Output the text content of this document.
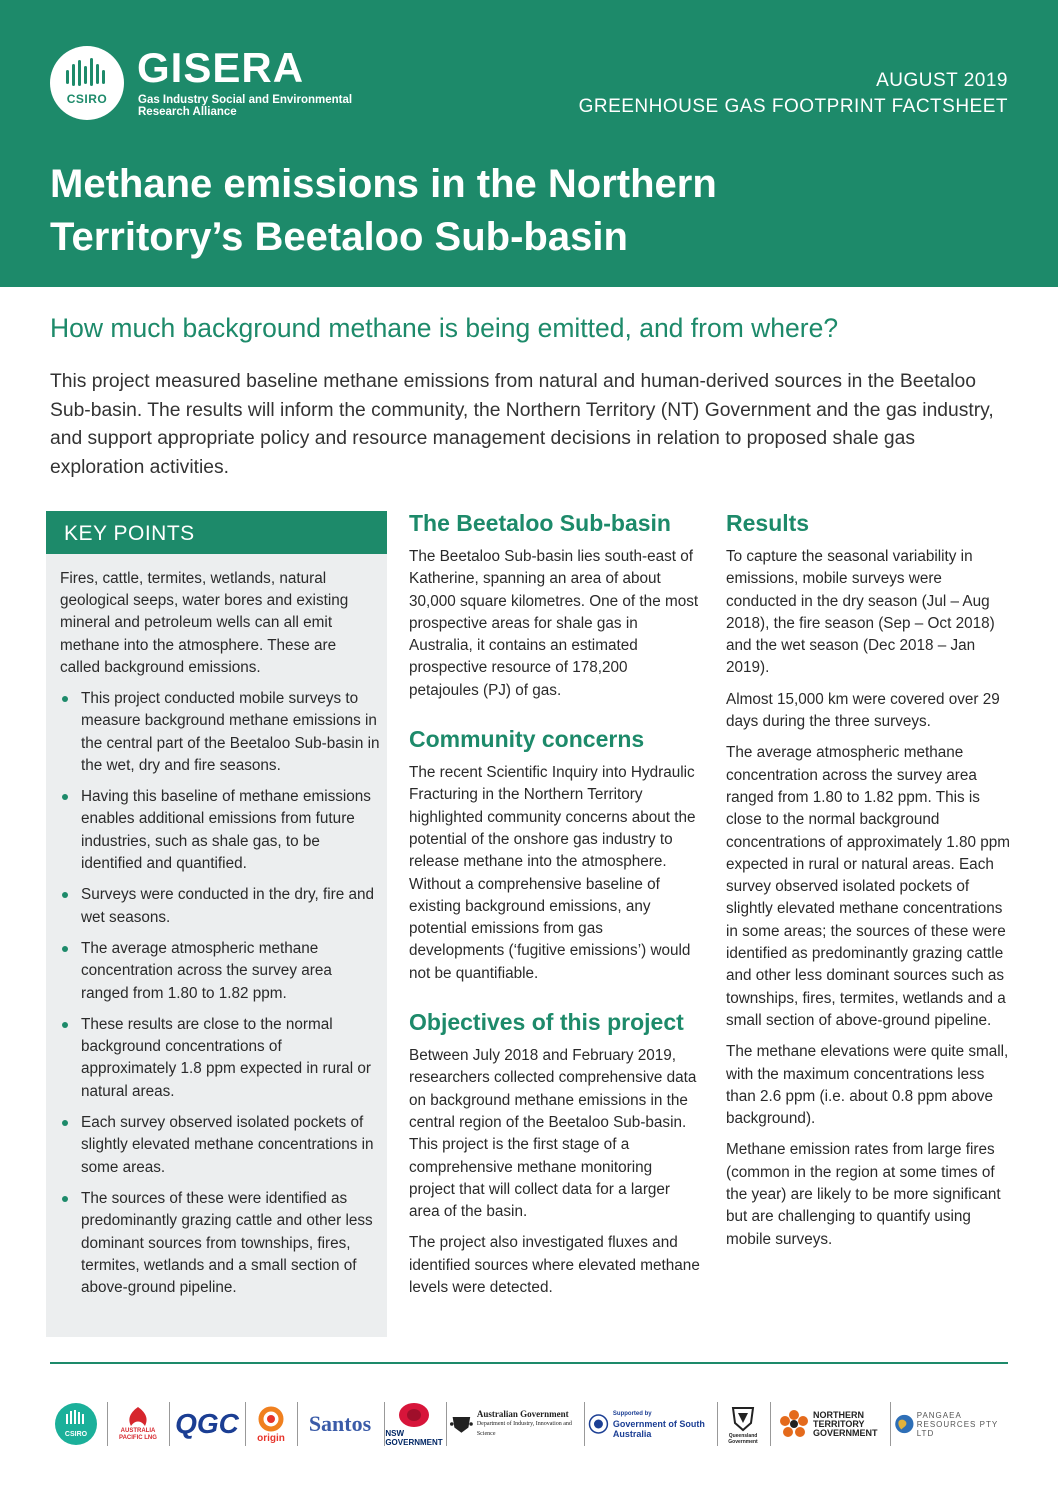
CSIRO
GISERA
Gas Industry Social and Environmental Research Alliance
AUGUST 2019
GREENHOUSE GAS FOOTPRINT FACTSHEET
Methane emissions in the Northern Territory’s Beetaloo Sub-basin
How much background methane is being emitted, and from where?
This project measured baseline methane emissions from natural and human-derived sources in the Beetaloo Sub-basin. The results will inform the community, the Northern Territory (NT) Government and the gas industry, and support appropriate policy and resource management decisions in relation to proposed shale gas exploration activities.
KEY POINTS
Fires, cattle, termites, wetlands, natural geological seeps, water bores and existing mineral and petroleum wells can all emit methane into the atmosphere. These are called background emissions.
This project conducted mobile surveys to measure background methane emissions in the central part of the Beetaloo Sub-basin in the wet, dry and fire seasons.
Having this baseline of methane emissions enables additional emissions from future industries, such as shale gas, to be identified and quantified.
Surveys were conducted in the dry, fire and wet seasons.
The average atmospheric methane concentration across the survey area ranged from 1.80 to 1.82 ppm.
These results are close to the normal background concentrations of approximately 1.8 ppm expected in rural or natural areas.
Each survey observed isolated pockets of slightly elevated methane concentrations in some areas.
The sources of these were identified as predominantly grazing cattle and other less dominant sources from townships, fires, termites, wetlands and a small section of above-ground pipeline.
The Beetaloo Sub-basin

The Beetaloo Sub-basin lies south-east of Katherine, spanning an area of about 30,000 square kilometres. One of the most prospective areas for shale gas in Australia, it contains an estimated prospective resource of 178,200 petajoules (PJ) of gas.

Community concerns

The recent Scientific Inquiry into Hydraulic Fracturing in the Northern Territory highlighted community concerns about the potential of the onshore gas industry to release methane into the atmosphere. Without a comprehensive baseline of existing background emissions, any potential emissions from gas developments (‘fugitive emissions’) would not be quantifiable.

Objectives of this project

Between July 2018 and February 2019, researchers collected comprehensive data on background methane emissions in the central region of the Beetaloo Sub-basin. This project is the first stage of a comprehensive methane monitoring project that will collect data for a larger area of the basin.

The project also investigated fluxes and identified sources where elevated methane levels were detected.

Results

To capture the seasonal variability in emissions, mobile surveys were conducted in the dry season (Jul – Aug 2018), the fire season (Sep – Oct 2018) and the wet season (Dec 2018 – Jan 2019).

Almost 15,000 km were covered over 29 days during the three surveys.

The average atmospheric methane concentration across the survey area ranged from 1.80 to 1.82 ppm. This is close to the normal background concentrations of approximately 1.80 ppm expected in rural or natural areas. Each survey observed isolated pockets of slightly elevated methane concentrations in some areas; the sources of these were identified as predominantly grazing cattle and other less dominant sources such as townships, fires, termites, wetlands and a small section of above-ground pipeline.

The methane elevations were quite small, with the maximum concentrations less than 2.6 ppm (i.e. about 0.8 ppm above background).

Methane emission rates from large fires (common in the region at some times of the year) are likely to be more significant but are challenging to quantify using mobile surveys.

CSIRO	AUSTRALIA PACIFIC LNG QGC origin
Santos	NSW GOVERNMENT
Australian Government
Department of Industry, Innovation and Science
Supported by
Government of South Australia	Queensland Government
NORTHERN TERRITORY GOVERNMENT
PANGAEA RESOURCES PTY LTD
